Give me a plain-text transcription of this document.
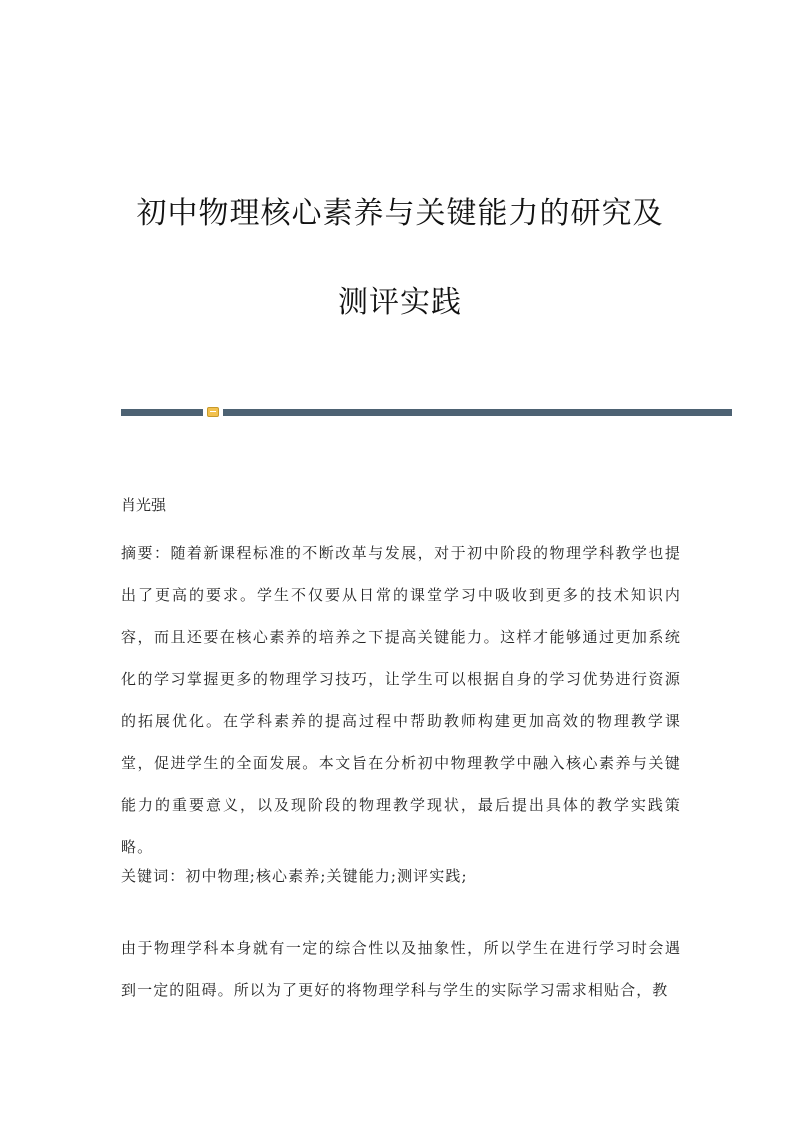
初中物理核心素养与关键能力的研究及
测评实践
肖光强

摘要：随着新课程标准的不断改革与发展，对于初中阶段的物理学科教学也提出了更高的要求。学生不仅要从日常的课堂学习中吸收到更多的技术知识内容，而且还要在核心素养的培养之下提高关键能力。这样才能够通过更加系统化的学习掌握更多的物理学习技巧，让学生可以根据自身的学习优势进行资源的拓展优化。在学科素养的提高过程中帮助教师构建更加高效的物理教学课堂，促进学生的全面发展。本文旨在分析初中物理教学中融入核心素养与关键能力的重要意义，以及现阶段的物理教学现状，最后提出具体的教学实践策略。

关键词：初中物理;核心素养;关键能力;测评实践;

由于物理学科本身就有一定的综合性以及抽象性，所以学生在进行学习时会遇到一定的阻碍。所以为了更好的将物理学科与学生的实际学习需求相贴合，教
